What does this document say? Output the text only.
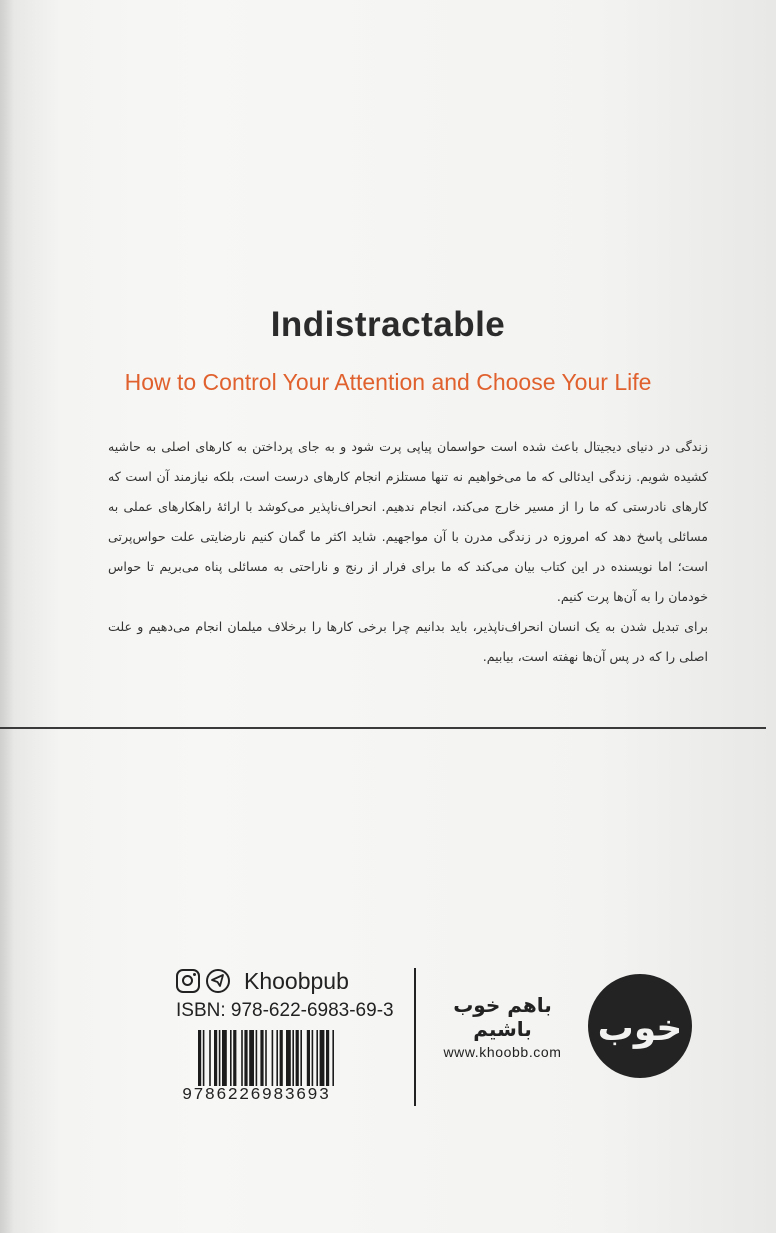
Indistractable
How to Control Your Attention and Choose Your Life

زندگی در دنیای دیجیتال باعث شده است حواسمان پیاپی پرت شود و به جای پرداختن به کارهای اصلی به حاشیه کشیده شویم. زندگی ایدئالی که ما می‌خواهیم نه تنها مستلزم انجام کارهای درست است، بلکه نیازمند آن است که کارهای نادرستی که ما را از مسیر خارج می‌کند، انجام ندهیم. انحراف‌ناپذیر می‌کوشد با ارائهٔ راهکارهای عملی به مسائلی پاسخ دهد که امروزه در زندگی مدرن با آن مواجهیم. شاید اکثر ما گمان کنیم نارضایتی علت حواس‌پرتی است؛ اما نویسنده در این کتاب بیان می‌کند که ما برای فرار از رنج و ناراحتی به مسائلی پناه می‌بریم تا حواس خودمان را به آن‌ها پرت کنیم.

برای تبدیل شدن به یک انسان انحراف‌ناپذیر، باید بدانیم چرا برخی کارها را برخلاف میلمان انجام می‌دهیم و علت اصلی را که در پس آن‌ها نهفته است، بیابیم.

Khoobpub
ISBN: 978-622-6983-69-3
9786226983693
باهم خوب باشیم
www.khoobb.com
خوب
